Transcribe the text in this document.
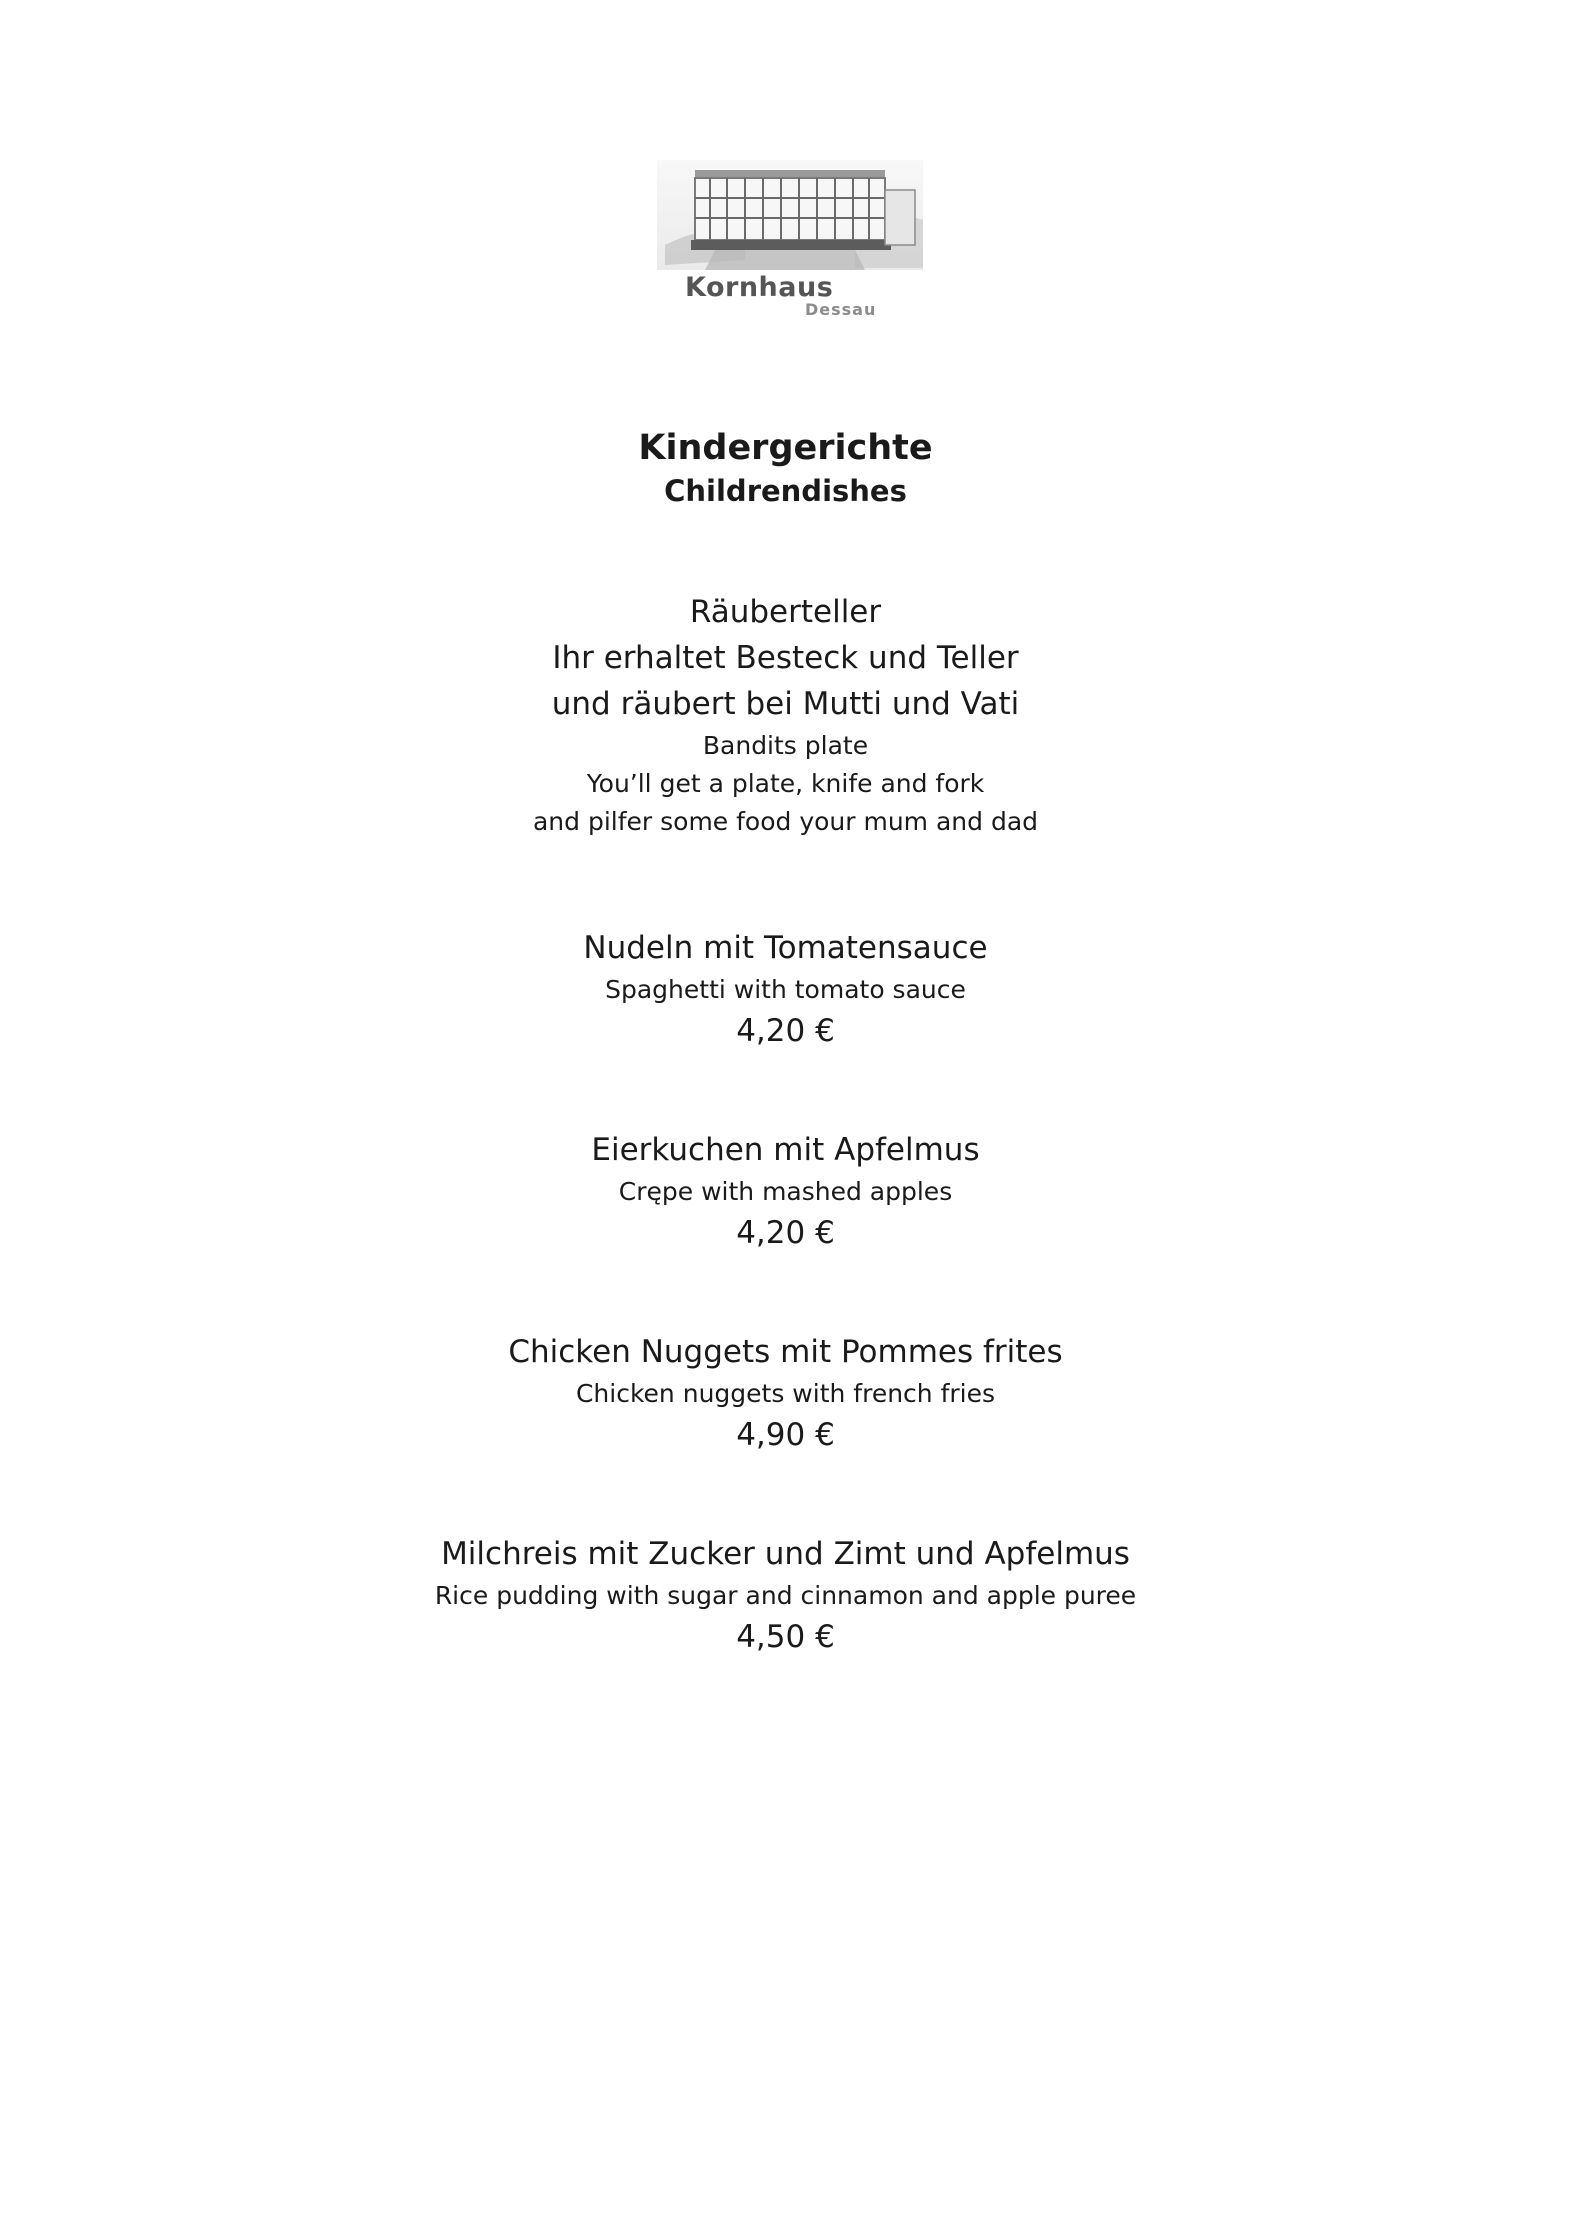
Kornhaus
Dessau
Kindergerichte
Childrendishes
Räuberteller
Ihr erhaltet Besteck und Teller
und räubert bei Mutti und Vati
Bandits plate
You’ll get a plate, knife and fork
and pilfer some food your mum and dad
Nudeln mit Tomatensauce
Spaghetti with tomato sauce
4,20 €
Eierkuchen mit Apfelmus
Crępe with mashed apples
4,20 €
Chicken Nuggets mit Pommes frites
Chicken nuggets with french fries
4,90 €
Milchreis mit Zucker und Zimt und Apfelmus
Rice pudding with sugar and cinnamon and apple puree
4,50 €
